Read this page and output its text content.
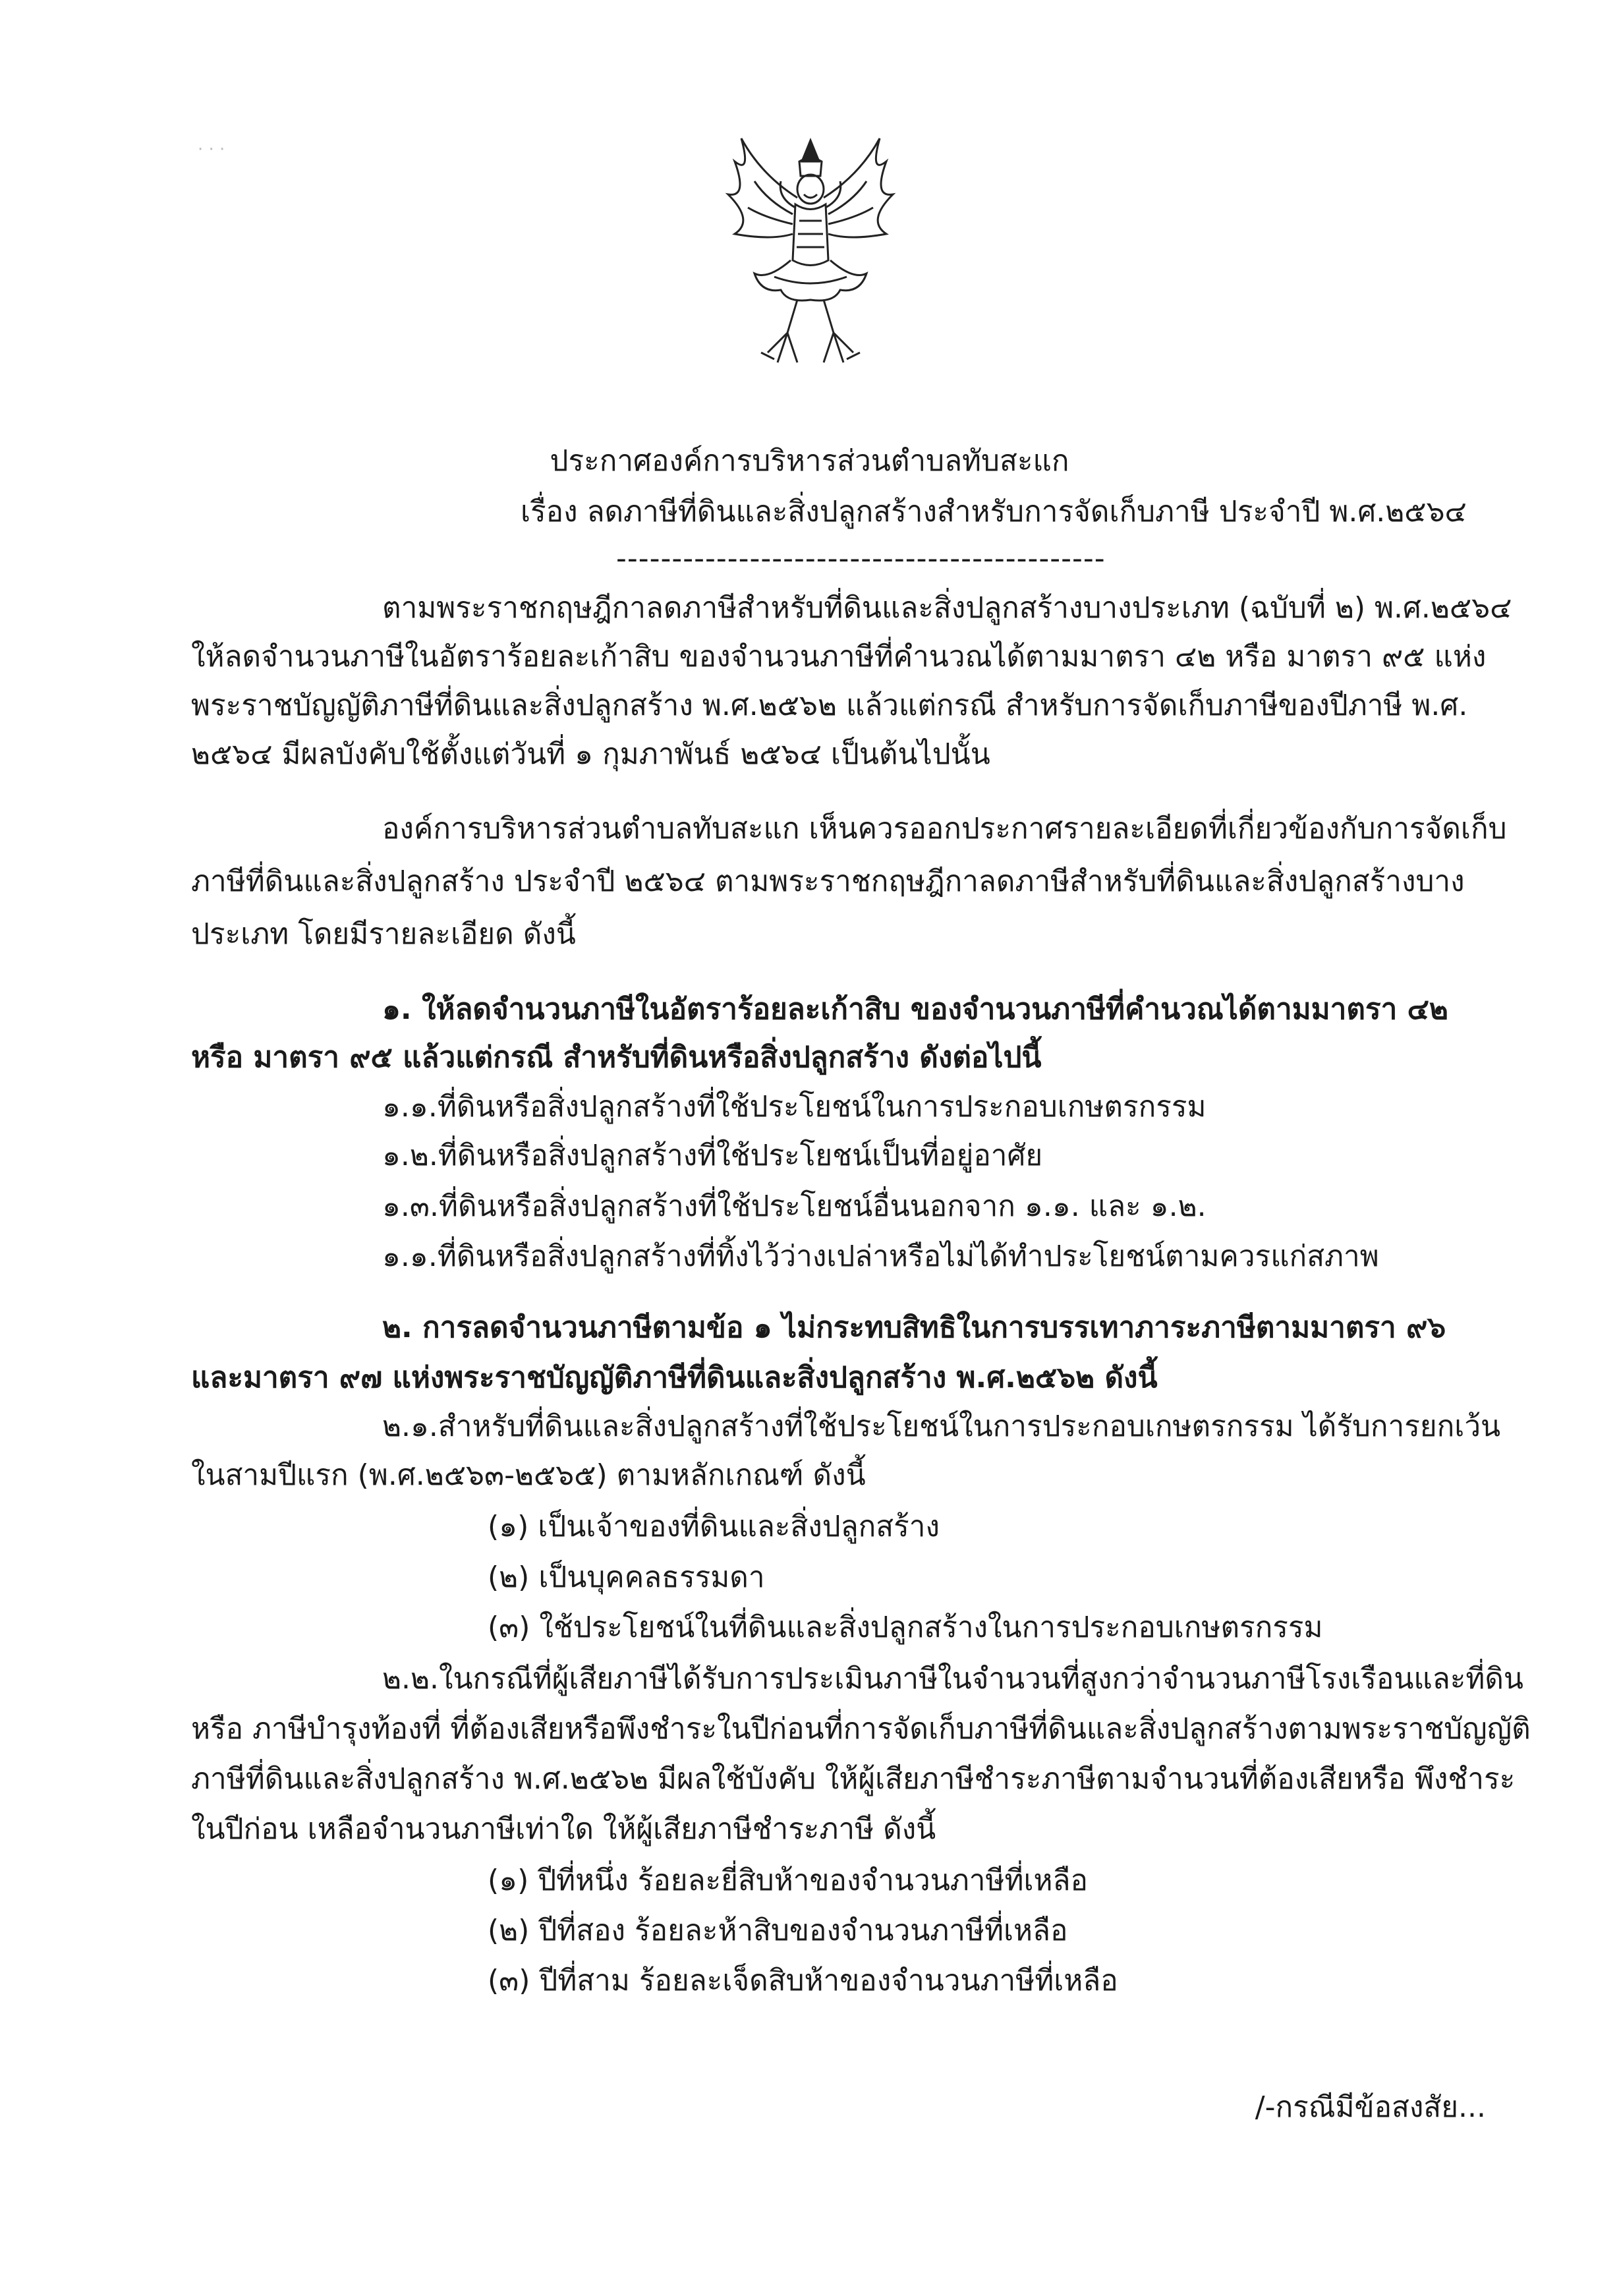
· · ·
ประกาศองค์การบริหารส่วนตำบลทับสะแก
เรื่อง ลดภาษีที่ดินและสิ่งปลูกสร้างสำหรับการจัดเก็บภาษี ประจำปี พ.ศ.๒๕๖๔
--------------------------------------------
ตามพระราชกฤษฎีกาลดภาษีสำหรับที่ดินและสิ่งปลูกสร้างบางประเภท (ฉบับที่ ๒) พ.ศ.๒๕๖๔
ให้ลดจำนวนภาษีในอัตราร้อยละเก้าสิบ ของจำนวนภาษีที่คำนวณได้ตามมาตรา ๔๒ หรือ มาตรา ๙๕ แห่ง
พระราชบัญญัติภาษีที่ดินและสิ่งปลูกสร้าง พ.ศ.๒๕๖๒ แล้วแต่กรณี สำหรับการจัดเก็บภาษีของปีภาษี พ.ศ.
๒๕๖๔ มีผลบังคับใช้ตั้งแต่วันที่ ๑ กุมภาพันธ์ ๒๕๖๔ เป็นต้นไปนั้น
องค์การบริหารส่วนตำบลทับสะแก เห็นควรออกประกาศรายละเอียดที่เกี่ยวข้องกับการจัดเก็บ
ภาษีที่ดินและสิ่งปลูกสร้าง ประจำปี ๒๕๖๔ ตามพระราชกฤษฎีกาลดภาษีสำหรับที่ดินและสิ่งปลูกสร้างบาง
ประเภท โดยมีรายละเอียด ดังนี้
๑. ให้ลดจำนวนภาษีในอัตราร้อยละเก้าสิบ ของจำนวนภาษีที่คำนวณได้ตามมาตรา ๔๒
หรือ มาตรา ๙๕ แล้วแต่กรณี สำหรับที่ดินหรือสิ่งปลูกสร้าง ดังต่อไปนี้
๑.๑.ที่ดินหรือสิ่งปลูกสร้างที่ใช้ประโยชน์ในการประกอบเกษตรกรรม
๑.๒.ที่ดินหรือสิ่งปลูกสร้างที่ใช้ประโยชน์เป็นที่อยู่อาศัย
๑.๓.ที่ดินหรือสิ่งปลูกสร้างที่ใช้ประโยชน์อื่นนอกจาก ๑.๑. และ ๑.๒.
๑.๑.ที่ดินหรือสิ่งปลูกสร้างที่ทิ้งไว้ว่างเปล่าหรือไม่ได้ทำประโยชน์ตามควรแก่สภาพ
๒. การลดจำนวนภาษีตามข้อ ๑ ไม่กระทบสิทธิในการบรรเทาภาระภาษีตามมาตรา ๙๖
และมาตรา ๙๗ แห่งพระราชบัญญัติภาษีที่ดินและสิ่งปลูกสร้าง พ.ศ.๒๕๖๒ ดังนี้
๒.๑.สำหรับที่ดินและสิ่งปลูกสร้างที่ใช้ประโยชน์ในการประกอบเกษตรกรรม ได้รับการยกเว้น
ในสามปีแรก (พ.ศ.๒๕๖๓-๒๕๖๕) ตามหลักเกณฑ์ ดังนี้
(๑) เป็นเจ้าของที่ดินและสิ่งปลูกสร้าง
(๒) เป็นบุคคลธรรมดา
(๓) ใช้ประโยชน์ในที่ดินและสิ่งปลูกสร้างในการประกอบเกษตรกรรม
๒.๒.ในกรณีที่ผู้เสียภาษีได้รับการประเมินภาษีในจำนวนที่สูงกว่าจำนวนภาษีโรงเรือนและที่ดิน
หรือ ภาษีบำรุงท้องที่ ที่ต้องเสียหรือพึงชำระในปีก่อนที่การจัดเก็บภาษีที่ดินและสิ่งปลูกสร้างตามพระราชบัญญัติ
ภาษีที่ดินและสิ่งปลูกสร้าง พ.ศ.๒๕๖๒ มีผลใช้บังคับ ให้ผู้เสียภาษีชำระภาษีตามจำนวนที่ต้องเสียหรือ พึงชำระ
ในปีก่อน เหลือจำนวนภาษีเท่าใด ให้ผู้เสียภาษีชำระภาษี ดังนี้
(๑) ปีที่หนึ่ง ร้อยละยี่สิบห้าของจำนวนภาษีที่เหลือ
(๒) ปีที่สอง ร้อยละห้าสิบของจำนวนภาษีที่เหลือ
(๓) ปีที่สาม ร้อยละเจ็ดสิบห้าของจำนวนภาษีที่เหลือ
/-กรณีมีข้อสงสัย...
